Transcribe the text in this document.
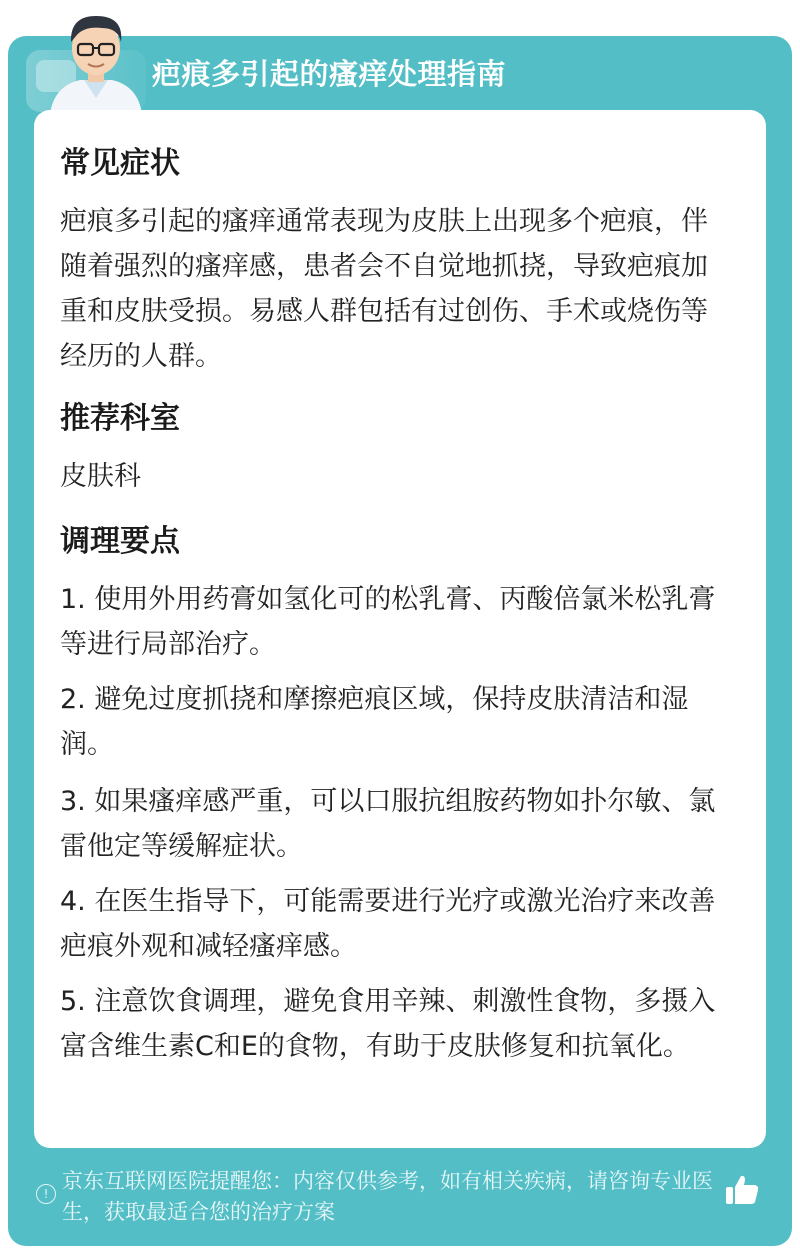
疤痕多引起的瘙痒处理指南
常见症状
疤痕多引起的瘙痒通常表现为皮肤上出现多个疤痕，伴随着强烈的瘙痒感，患者会不自觉地抓挠，导致疤痕加重和皮肤受损。易感人群包括有过创伤、手术或烧伤等经历的人群。
推荐科室
皮肤科
调理要点
1. 使用外用药膏如氢化可的松乳膏、丙酸倍氯米松乳膏等进行局部治疗。
2. 避免过度抓挠和摩擦疤痕区域，保持皮肤清洁和湿润。
3. 如果瘙痒感严重，可以口服抗组胺药物如扑尔敏、氯雷他定等缓解症状。
4. 在医生指导下，可能需要进行光疗或激光治疗来改善疤痕外观和减轻瘙痒感。
5. 注意饮食调理，避免食用辛辣、刺激性食物，多摄入富含维生素C和E的食物，有助于皮肤修复和抗氧化。
!
京东互联网医院提醒您：内容仅供参考，如有相关疾病，请咨询专业医生，获取最适合您的治疗方案
